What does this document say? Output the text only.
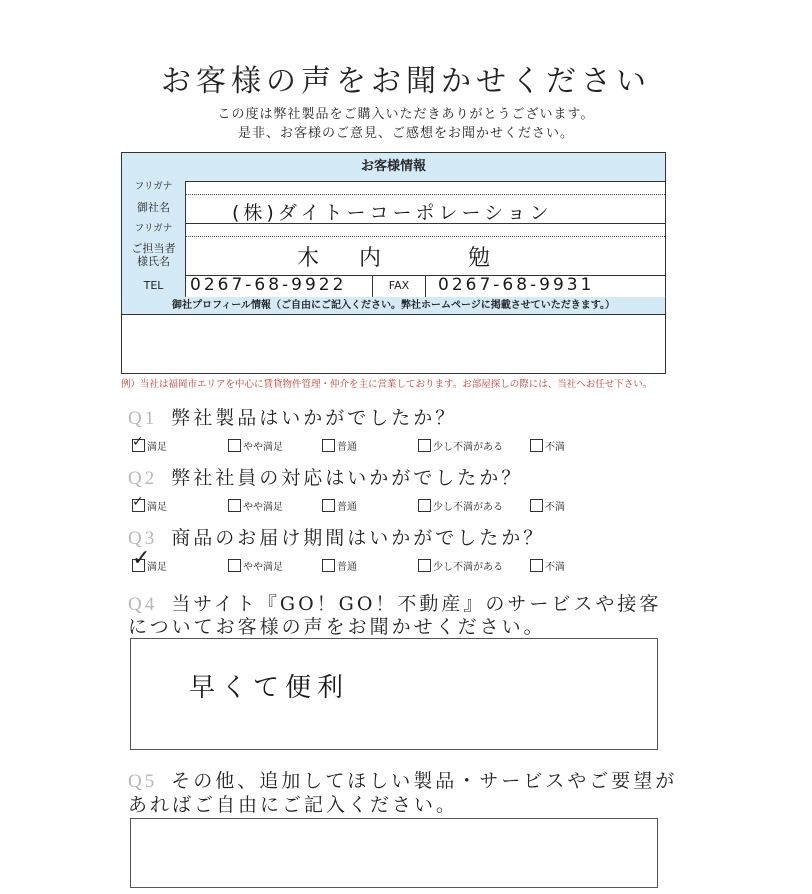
お客様の声をお聞かせください
この度は弊社製品をご購入いただきありがとうございます。
是非、お客様のご意見、ご感想をお聞かせください。
お客様情報
フリガナ
御社名	(株)ダイトーコーポレーション
フリガナ
ご担当者
様氏名	木内 勉
TEL	0267-68-9922	FAX	0267-68-9931
御社プロフィール情報（ご自由にご記入ください。弊社ホームページに掲載させていただきます。）
例）当社は福岡市エリアを中心に賃貸物件管理・仲介を主に営業しております。お部屋探しの際には、当社へお任せ下さい。
Q1 弊社製品はいかがでしたか？
✓ 満足	やや満足	普通	少し不満がある	不満
Q2 弊社社員の対応はいかがでしたか？
✓ 満足	やや満足	普通	少し不満がある	不満
Q3 商品のお届け期間はいかがでしたか？
✓
満足	やや満足	普通	少し不満がある	不満
Q4 当サイト『GO！GO！不動産』のサービスや接客
についてお客様の声をお聞かせください。
早くて便利
Q5 その他、追加してほしい製品・サービスやご要望が
あればご自由にご記入ください。
